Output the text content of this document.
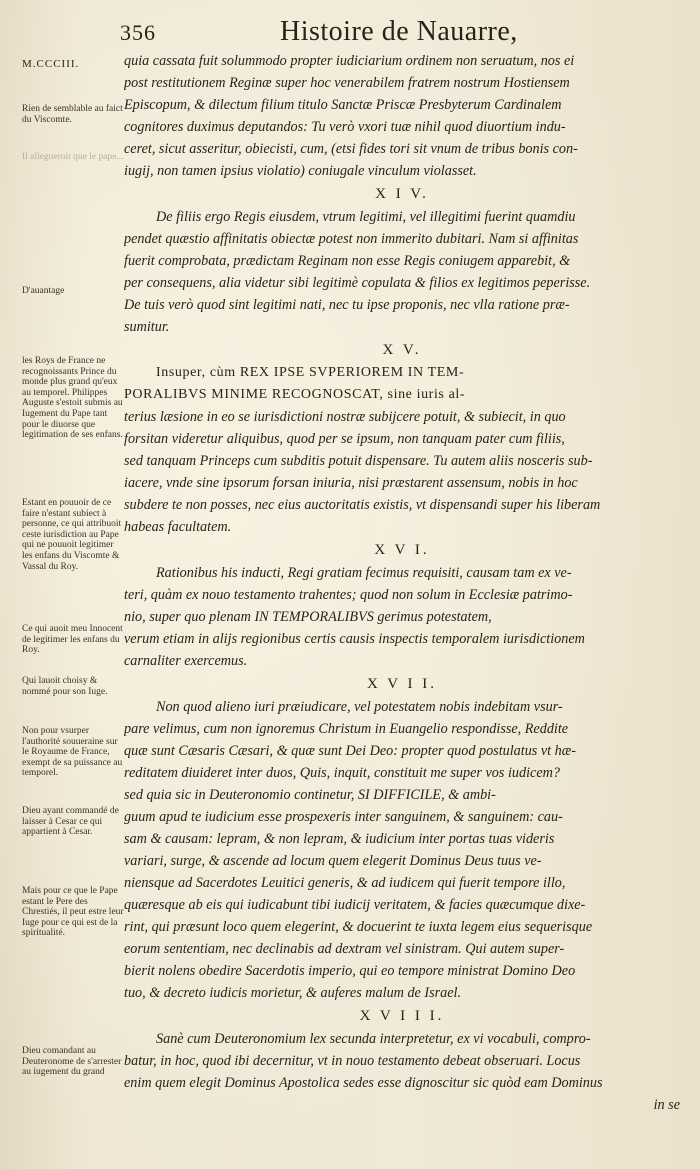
356	Histoire de Nauarre,
M.CCCIII.
Rien de semblable au faict du Viscomte.
Il allegueroit que le pape...
D'auantage
les Roys de France ne recognoissants Prince du monde plus grand qu'eux au temporel. Philippes Auguste s'estoit submis au Iugement du Pape tant pour le diuorse que legitimation de ses enfans.
Estant en pouuoir de ce faire n'estant subiect à personne, ce qui attribuoit ceste iurisdiction au Pape qui ne pouuoit legitimer les enfans du Viscomte & Vassal du Roy.
Ce qui auoit meu Innocent de legitimer les enfans du Roy.
Qui lauoit choisy & nommé pour son Iuge.
Non pour vsurper l'authorité souueraine sur le Royaume de France, exempt de sa puissance au temporel.
Dieu ayant commandé de laisser à Cesar ce qui appartient à Cesar.
Mais pour ce que le Pape estant le Pere des Chrestiés, il peut estre leur Iuge pour ce qui est de la spiritualité.
Dieu comandant au Deuteronome de s'arrester au iugement du grand
quia cassata fuit solummodo propter iudiciarium ordinem non seruatum, nos ei
post restitutionem Reginæ super hoc venerabilem fratrem nostrum Hostiensem
Episcopum, & dilectum filium titulo Sanctæ Priscæ Presbyterum Cardinalem
cognitores duximus deputandos: Tu verò vxori tuæ nihil quod diuortium indu-
ceret, sicut asseritur, obiecisti, cum, (etsi fides tori sit vnum de tribus bonis con-
iugij, non tamen ipsius violatio) coniugale vinculum violasset.
X I V.
De filiis ergo Regis eiusdem, vtrum legitimi, vel illegitimi fuerint quamdiu
pendet quæstio affinitatis obiectæ potest non immerito dubitari. Nam si affinitas
fuerit comprobata, prædictam Reginam non esse Regis coniugem apparebit, &
per consequens, alia videtur sibi legitimè copulata & filios ex legitimos peperisse.
De tuis verò quod sint legitimi nati, nec tu ipse proponis, nec vlla ratione præ-
sumitur.
X V.
Insuper, cùm REX IPSE SVPERIOREM IN TEM-
PORALIBVS MINIME RECOGNOSCAT, sine iuris al-
terius læsione in eo se iurisdictioni nostræ subijcere potuit, & subiecit, in quo
forsitan videretur aliquibus, quod per se ipsum, non tanquam pater cum filiis,
sed tanquam Princeps cum subditis potuit dispensare. Tu autem aliis nosceris sub-
iacere, vnde sine ipsorum forsan iniuria, nisi præstarent assensum, nobis in hoc
subdere te non posses, nec eius auctoritatis existis, vt dispensandi super his liberam
habeas facultatem.
X V I.
Rationibus his inducti, Regi gratiam fecimus requisiti, causam tam ex ve-
teri, quàm ex nouo testamento trahentes; quod non solum in Ecclesiæ patrimo-
nio, super quo plenam IN TEMPORALIBVS gerimus potestatem,
verum etiam in alijs regionibus certis causis inspectis temporalem iurisdictionem
carnaliter exercemus.
X V I I.
Non quod alieno iuri præiudicare, vel potestatem nobis indebitam vsur-
pare velimus, cum non ignoremus Christum in Euangelio respondisse, Reddite
quæ sunt Cæsaris Cæsari, & quæ sunt Dei Deo: propter quod postulatus vt hæ-
reditatem diuideret inter duos, Quis, inquit, constituit me super vos iudicem?
sed quia sic in Deuteronomio continetur, SI DIFFICILE, & ambi-
guum apud te iudicium esse prospexeris inter sanguinem, & sanguinem: cau-
sam & causam: lepram, & non lepram, & iudicium inter portas tuas videris
variari, surge, & ascende ad locum quem elegerit Dominus Deus tuus ve-
niensque ad Sacerdotes Leuitici generis, & ad iudicem qui fuerit tempore illo,
quæresque ab eis qui iudicabunt tibi iudicij veritatem, & facies quæcumque dixe-
rint, qui præsunt loco quem elegerint, & docuerint te iuxta legem eius sequerisque
eorum sententiam, nec declinabis ad dextram vel sinistram. Qui autem super-
bierit nolens obedire Sacerdotis imperio, qui eo tempore ministrat Domino Deo
tuo, & decreto iudicis morietur, & auferes malum de Israel.
X V I I I.
Sanè cum Deuteronomium lex secunda interpretetur, ex vi vocabuli, compro-
batur, in hoc, quod ibi decernitur, vt in nouo testamento debeat obseruari. Locus
enim quem elegit Dominus Apostolica sedes esse dignoscitur sic quòd eam Dominus
in se
